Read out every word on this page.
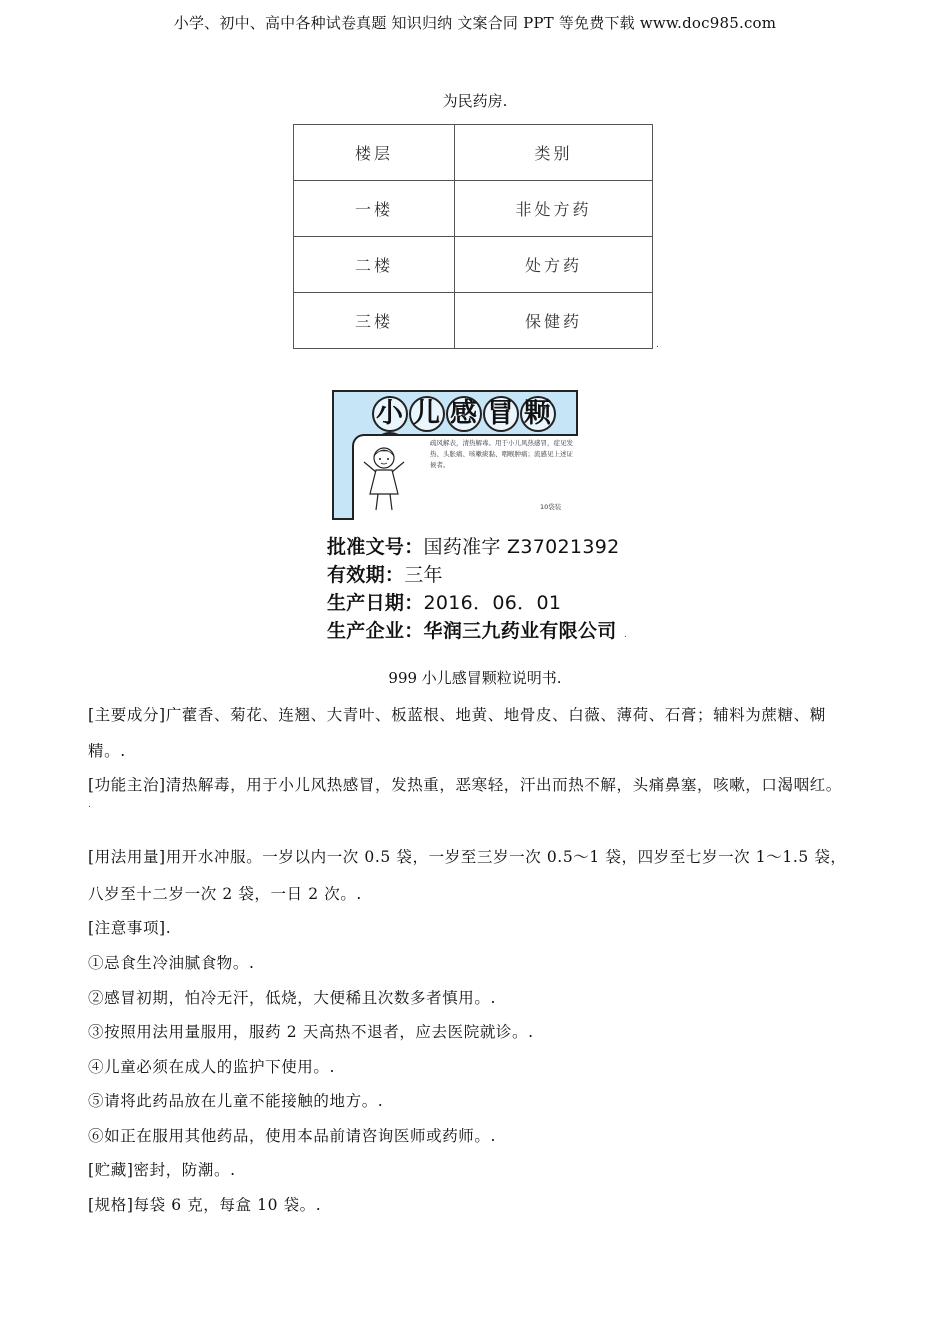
小学、初中、高中各种试卷真题 知识归纳 文案合同 PPT 等免费下载 www.doc985.com
为民药房.
楼层	类别
一楼	非处方药
二楼	处方药
三楼	保健药
.
小 儿 感 冒 颗
疏风解表，清热解毒。用于小儿风热感冒，症见发热、头胀痛、咳嗽痰黏、咽喉肿痛；流感见上述证候者。
10袋装
批准文号：国药准字 Z37021392
有效期：三年
生产日期：2016．06．01
生产企业：华润三九药业有限公司 .
999 小儿感冒颗粒说明书.
[主要成分]广藿香、菊花、连翘、大青叶、板蓝根、地黄、地骨皮、白薇、薄荷、石膏；辅料为蔗糖、糊
精。.
[功能主治]清热解毒，用于小儿风热感冒，发热重，恶寒轻，汗出而热不解，头痛鼻塞，咳嗽，口渴咽红。
.
[用法用量]用开水冲服。一岁以内一次 0.5 袋，一岁至三岁一次 0.5～1 袋，四岁至七岁一次 1～1.5 袋，
八岁至十二岁一次 2 袋，一日 2 次。.
[注意事项].
①忌食生冷油腻食物。.
②感冒初期，怕冷无汗，低烧，大便稀且次数多者慎用。.
③按照用法用量服用，服药 2 天高热不退者，应去医院就诊。.
④儿童必须在成人的监护下使用。.
⑤请将此药品放在儿童不能接触的地方。.
⑥如正在服用其他药品，使用本品前请咨询医师或药师。.
[贮藏]密封，防潮。.
[规格]每袋 6 克，每盒 10 袋。.
